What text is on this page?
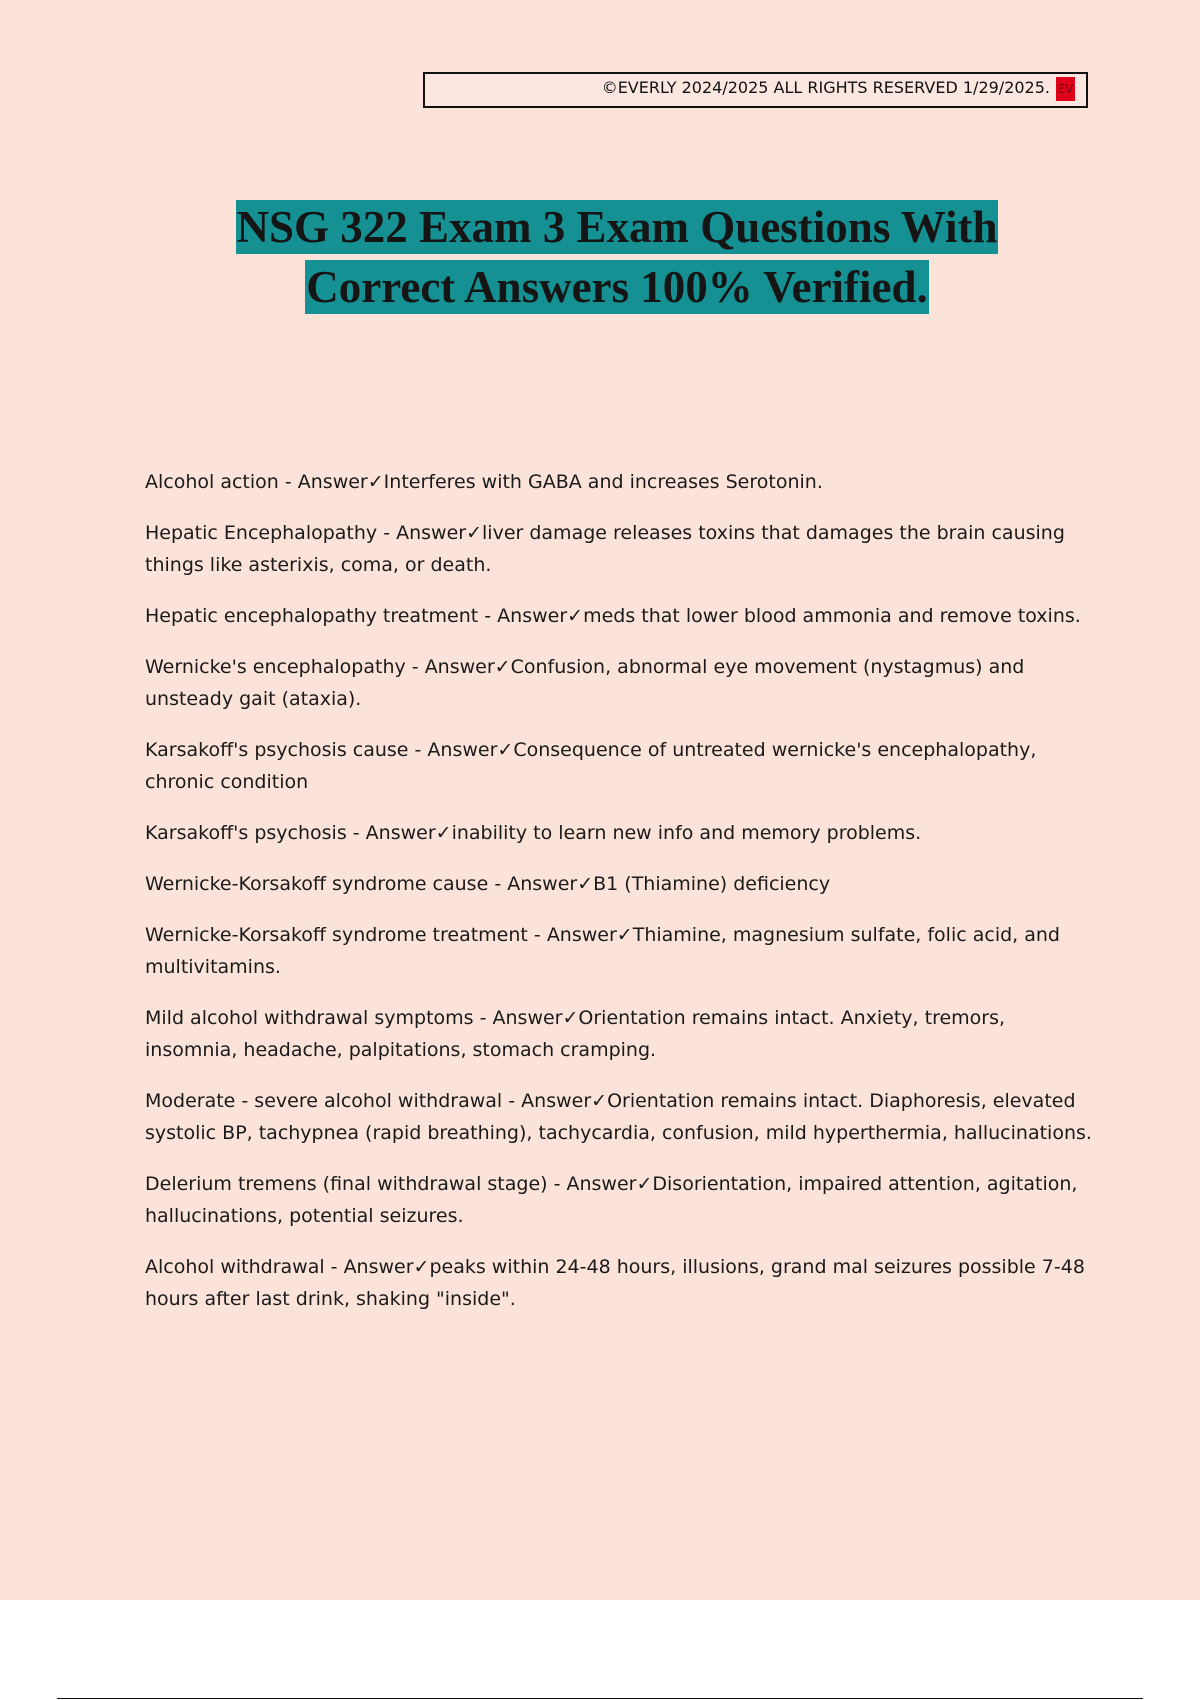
©EVERLY 2024/2025 ALL RIGHTS RESERVED 1/29/2025. EV
NSG 322 Exam 3 Exam Questions With
Correct Answers 100% Verified.
Alcohol action - Answer✓Interferes with GABA and increases Serotonin.
Hepatic Encephalopathy - Answer✓liver damage releases toxins that damages the brain causing things like asterixis, coma, or death.
Hepatic encephalopathy treatment - Answer✓meds that lower blood ammonia and remove toxins.
Wernicke's encephalopathy - Answer✓Confusion, abnormal eye movement (nystagmus) and unsteady gait (ataxia).
Karsakoff's psychosis cause - Answer✓Consequence of untreated wernicke's encephalopathy, chronic condition
Karsakoff's psychosis - Answer✓inability to learn new info and memory problems.
Wernicke-Korsakoff syndrome cause - Answer✓B1 (Thiamine) deficiency
Wernicke-Korsakoff syndrome treatment - Answer✓Thiamine, magnesium sulfate, folic acid, and multivitamins.
Mild alcohol withdrawal symptoms - Answer✓Orientation remains intact. Anxiety, tremors, insomnia, headache, palpitations, stomach cramping.
Moderate - severe alcohol withdrawal - Answer✓Orientation remains intact. Diaphoresis, elevated systolic BP, tachypnea (rapid breathing), tachycardia, confusion, mild hyperthermia, hallucinations.
Delerium tremens (final withdrawal stage) - Answer✓Disorientation, impaired attention, agitation, hallucinations, potential seizures.
Alcohol withdrawal - Answer✓peaks within 24-48 hours, illusions, grand mal seizures possible 7-48 hours after last drink, shaking "inside".
